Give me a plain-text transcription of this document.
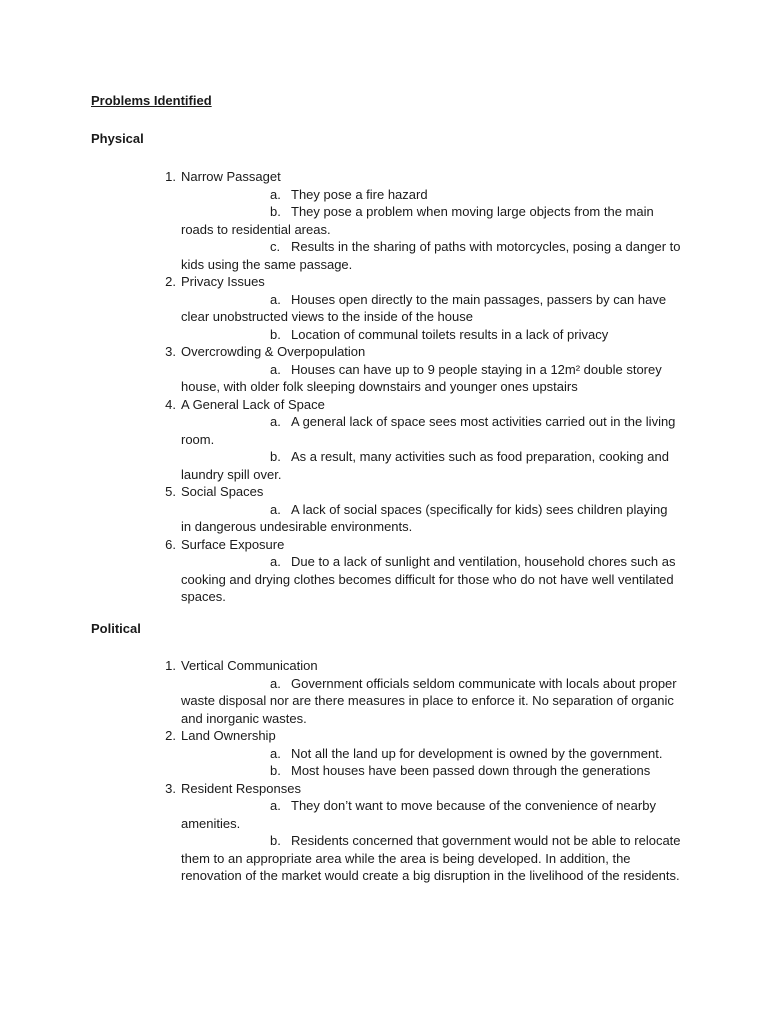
Problems Identified
Physical
1. Narrow Passaget
a. They pose a fire hazard
b. They pose a problem when moving large objects from the main roads to residential areas.
c. Results in the sharing of paths with motorcycles, posing a danger to kids using the same passage.
2. Privacy Issues
a. Houses open directly to the main passages, passers by can have clear unobstructed views to the inside of the house
b. Location of communal toilets results in a lack of privacy
3. Overcrowding & Overpopulation
a. Houses can have up to 9 people staying in a 12m² double storey house, with older folk sleeping downstairs and younger ones upstairs
4. A General Lack of Space
a. A general lack of space sees most activities carried out in the living room.
b. As a result, many activities such as food preparation, cooking and laundry spill over.
5. Social Spaces
a. A lack of social spaces (specifically for kids) sees children playing in dangerous undesirable environments.
6. Surface Exposure
a. Due to a lack of sunlight and ventilation, household chores such as cooking and drying clothes becomes difficult for those who do not have well ventilated spaces.
Political
1. Vertical Communication
a. Government officials seldom communicate with locals about proper waste disposal nor are there measures in place to enforce it. No separation of organic and inorganic wastes.
2. Land Ownership
a. Not all the land up for development is owned by the government.
b. Most houses have been passed down through the generations
3. Resident Responses
a. They don’t want to move because of the convenience of nearby amenities.
b. Residents concerned that government would not be able to relocate them to an appropriate area while the area is being developed. In addition, the renovation of the market would create a big disruption in the livelihood of the residents.
